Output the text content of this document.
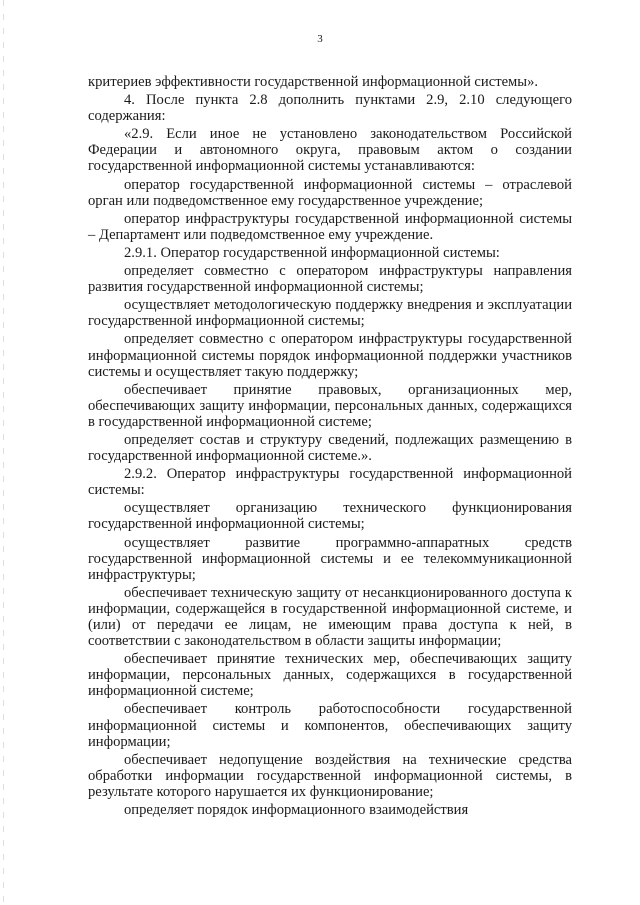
3

критериев эффективности государственной информационной системы».

4. После пункта 2.8 дополнить пунктами 2.9, 2.10 следующего содержания:

«2.9. Если иное не установлено законодательством Российской Федерации и автономного округа, правовым актом о создании государственной информационной системы устанавливаются:

оператор государственной информационной системы – отраслевой орган или подведомственное ему государственное учреждение;

оператор инфраструктуры государственной информационной системы – Департамент или подведомственное ему учреждение.

2.9.1. Оператор государственной информационной системы:

определяет совместно с оператором инфраструктуры направления развития государственной информационной системы;

осуществляет методологическую поддержку внедрения и эксплуатации государственной информационной системы;

определяет совместно с оператором инфраструктуры государственной информационной системы порядок информационной поддержки участников системы и осуществляет такую поддержку;

обеспечивает принятие правовых, организационных мер, обеспечивающих защиту информации, персональных данных, содержащихся в государственной информационной системе;

определяет состав и структуру сведений, подлежащих размещению в государственной информационной системе.».

2.9.2. Оператор инфраструктуры государственной информационной системы:

осуществляет организацию технического функционирования государственной информационной системы;

осуществляет развитие программно-аппаратных средств государственной информационной системы и ее телекоммуникационной инфраструктуры;

обеспечивает техническую защиту от несанкционированного доступа к информации, содержащейся в государственной информационной системе, и (или) от передачи ее лицам, не имеющим права доступа к ней, в соответствии с законодательством в области защиты информации;

обеспечивает принятие технических мер, обеспечивающих защиту информации, персональных данных, содержащихся в государственной информационной системе;

обеспечивает контроль работоспособности государственной информационной системы и компонентов, обеспечивающих защиту информации;

обеспечивает недопущение воздействия на технические средства обработки информации государственной информационной системы, в результате которого нарушается их функционирование;

определяет порядок информационного взаимодействия
